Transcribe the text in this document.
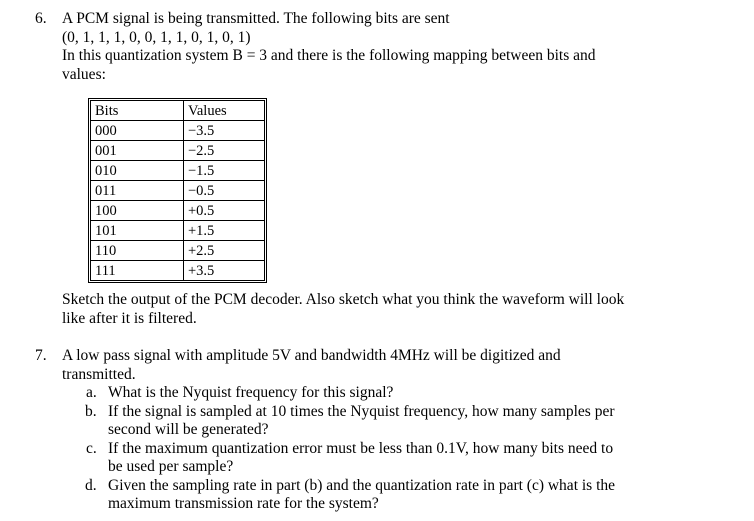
6. A PCM signal is being transmitted. The following bits are sent
(0, 1, 1, 1, 0, 0, 1, 1, 0, 1, 0, 1)
In this quantization system B = 3 and there is the following mapping between bits and
values:
Bits	Values
000	−3.5
001	−2.5
010	−1.5
011	−0.5
100	+0.5
101	+1.5
110	+2.5
111	+3.5
Sketch the output of the PCM decoder. Also sketch what you think the waveform will look
like after it is filtered.
7. A low pass signal with amplitude 5V and bandwidth 4MHz will be digitized and
transmitted.
a. What is the Nyquist frequency for this signal?
b. If the signal is sampled at 10 times the Nyquist frequency, how many samples per
second will be generated?
c. If the maximum quantization error must be less than 0.1V, how many bits need to
be used per sample?
d. Given the sampling rate in part (b) and the quantization rate in part (c) what is the
maximum transmission rate for the system?
